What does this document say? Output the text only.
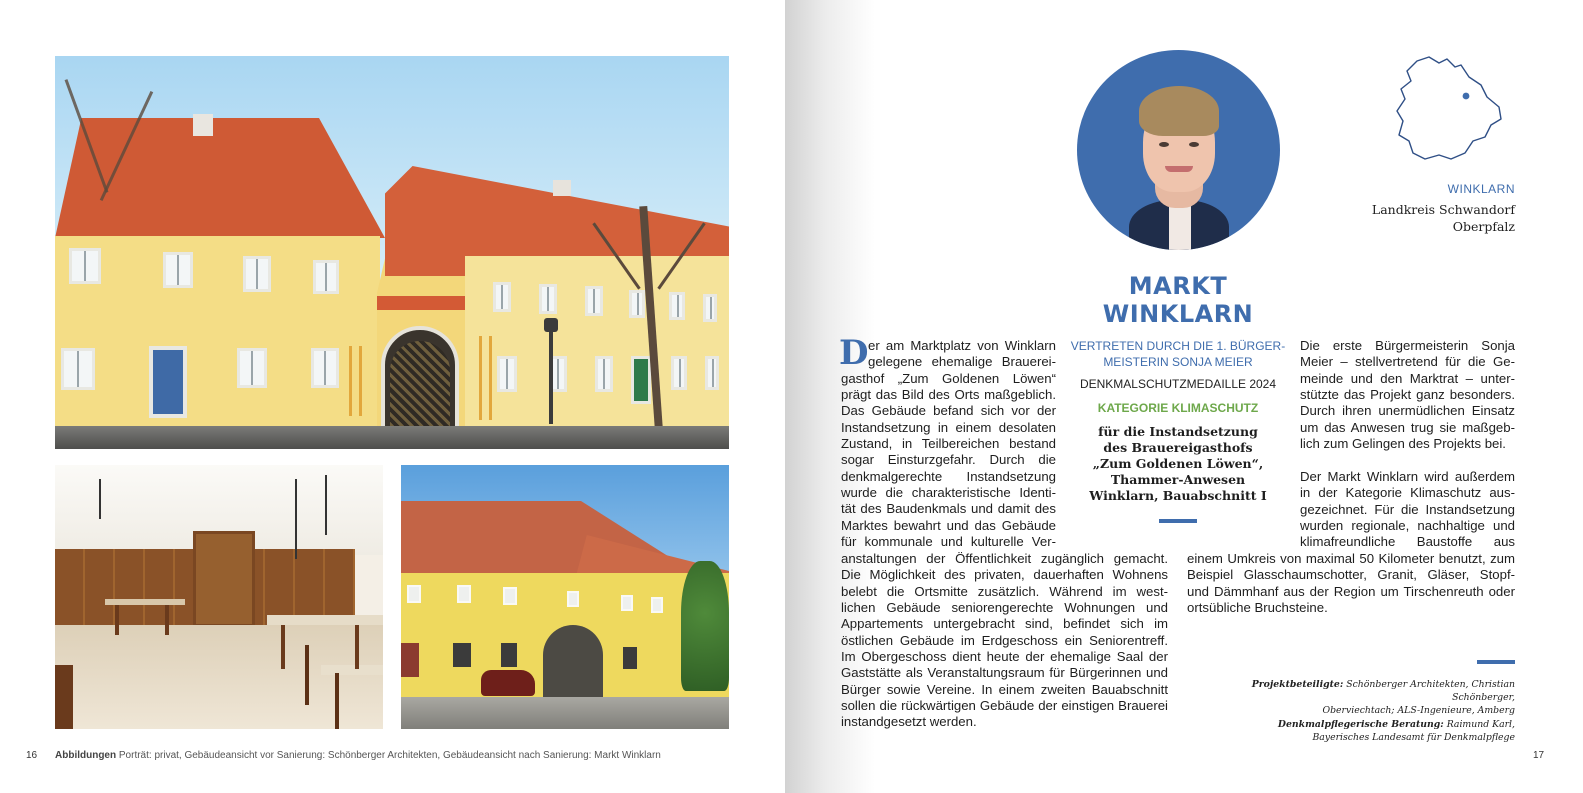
16 Abbildungen Porträt: privat, Gebäudeansicht vor Sanierung: Schönberger Architekten, Gebäudeansicht nach Sanierung: Markt Winklarn
WINKLARN
Landkreis Schwandorf
Oberpfalz
MARKT
WINKLARN
VERTRETEN DURCH DIE 1. BÜRGER-
MEISTERIN SONJA MEIER
DENKMALSCHUTZMEDAILLE 2024
KATEGORIE KLIMASCHUTZ
für die Instandsetzung
des Brauereigasthofs
„Zum Goldenen Löwen“,
Thammer-Anwesen
Winklarn, Bauabschnitt I
D er am Marktplatz von Winklarn
gelegene ehemalige Brauerei-
gasthof „Zum Goldenen Löwen“
prägt das Bild des Orts maßgeblich.
Das Gebäude befand sich vor der
Instandsetzung in einem desolaten
Zustand, in Teilbereichen bestand
sogar Einsturzgefahr. Durch die
denkmalgerechte Instandsetzung
wurde die charakteristische Identi-
tät des Baudenkmals und damit des
Marktes bewahrt und das Gebäude
für kommunale und kulturelle Ver-
anstaltungen der Öffentlichkeit zugänglich gemacht.
Die Möglichkeit des privaten, dauerhaften Wohnens
belebt die Ortsmitte zusätzlich. Während im west-
lichen Gebäude seniorengerechte Wohnungen und
Appartements untergebracht sind, befindet sich im
östlichen Gebäude im Erdgeschoss ein Seniorentreff.
Im Obergeschoss dient heute der ehemalige Saal der
Gaststätte als Veranstaltungsraum für Bürgerinnen und
Bürger sowie Vereine. In einem zweiten Bauabschnitt
sollen die rückwärtigen Gebäude der einstigen Brauerei
instandgesetzt werden.
Die erste Bürgermeisterin Sonja
Meier – stellvertretend für die Ge-
meinde und den Marktrat – unter-
stützte das Projekt ganz besonders.
Durch ihren unermüdlichen Einsatz
um das Anwesen trug sie maßgeb-
lich zum Gelingen des Projekts bei.
Der Markt Winklarn wird außerdem
in der Kategorie Klimaschutz aus-
gezeichnet. Für die Instandsetzung
wurden regionale, nachhaltige und
klimafreundliche Baustoffe aus
einem Umkreis von maximal 50 Kilometer benutzt, zum
Beispiel Glasschaumschotter, Granit, Gläser, Stopf-
und Dämmhanf aus der Region um Tirschenreuth oder
ortsübliche Bruchsteine.
Projektbeteiligte: Schönberger Architekten, Christian Schönberger,
Oberviechtach; ALS-Ingenieure, Amberg
Denkmalpflegerische Beratung: Raimund Karl,
Bayerisches Landesamt für Denkmalpflege
17
